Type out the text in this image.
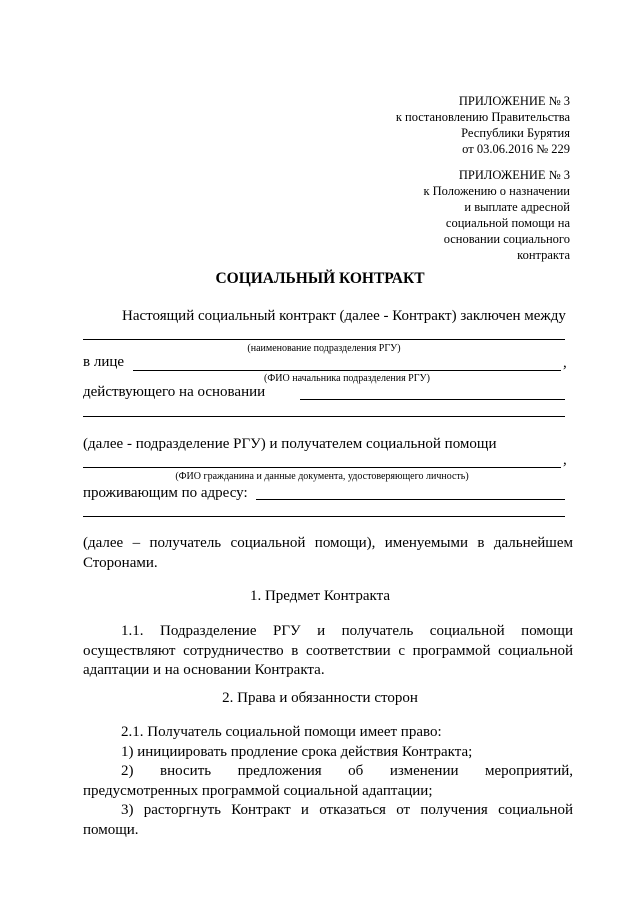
ПРИЛОЖЕНИЕ № 3
к постановлению Правительства
Республики Бурятия
от 03.06.2016 № 229
ПРИЛОЖЕНИЕ № 3
к Положению о назначении
и выплате адресной
социальной помощи на
основании социального
контракта
СОЦИАЛЬНЫЙ КОНТРАКТ
Настоящий социальный контракт (далее - Контракт) заключен между
(наименование подразделения РГУ)
в лице	,
(ФИО начальника подразделения РГУ)
действующего на основании
(далее - подразделение РГУ) и получателем социальной помощи
,
(ФИО гражданина и данные документа, удостоверяющего личность)
проживающим по адресу:
(далее – получатель социальной помощи), именуемыми в дальнейшем Сторонами.
1. Предмет Контракта
1.1. Подразделение РГУ и получатель социальной помощи осуществляют сотрудничество в соответствии с программой социальной адаптации и на основании Контракта.
2. Права и обязанности сторон
2.1. Получатель социальной помощи имеет право:
1) инициировать продление срока действия Контракта;
2) вносить предложения об изменении мероприятий, предусмотренных программой социальной адаптации;
3) расторгнуть Контракт и отказаться от получения социальной помощи.
